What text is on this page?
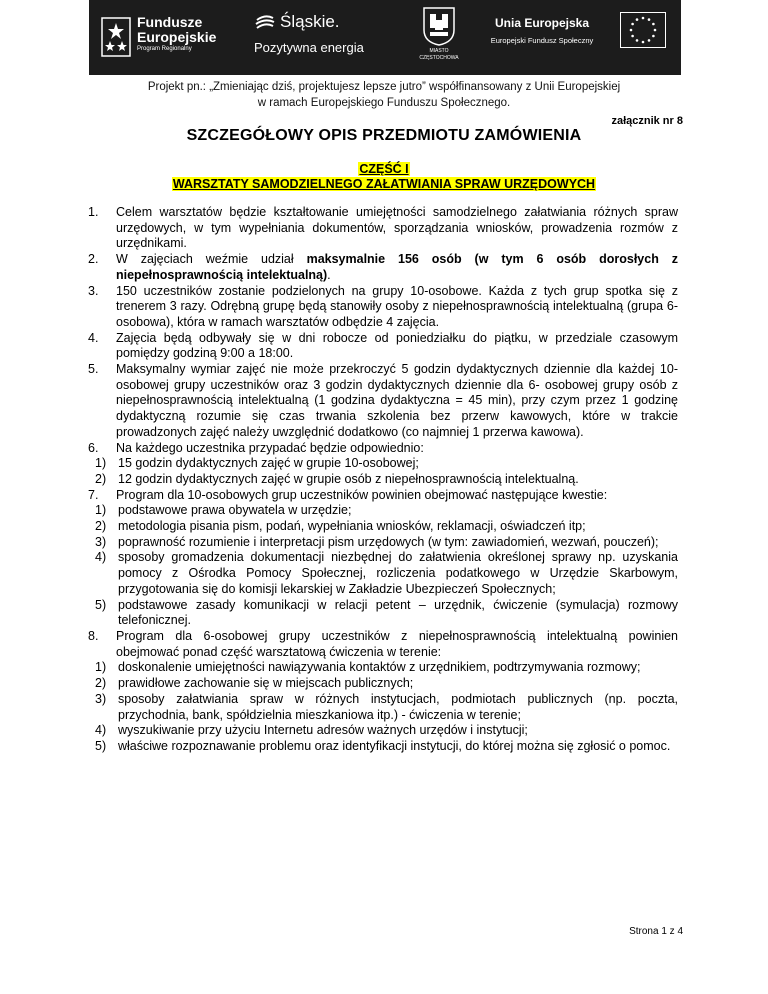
Fundusze
Europejskie
Program Regionalny
Śląskie.
Pozytywna energia	MIASTO
CZĘSTOCHOWA
Unia Europejska
Europejski Fundusz Społeczny
Projekt pn.: „Zmieniając dziś, projektujesz lepsze jutro” współfinansowany z Unii Europejskiej
w ramach Europejskiego Funduszu Społecznego.
załącznik nr 8
SZCZEGÓŁOWY OPIS PRZEDMIOTU ZAMÓWIENIA
CZĘŚĆ I
WARSZTATY SAMODZIELNEGO ZAŁATWIANIA SPRAW URZĘDOWYCH
1. Celem warsztatów będzie kształtowanie umiejętności samodzielnego załatwiania różnych spraw urzędowych, w tym wypełniania dokumentów, sporządzania wniosków, prowadzenia rozmów z urzędnikami.
2. W zajęciach weźmie udział maksymalnie 156 osób (w tym 6 osób dorosłych z niepełnosprawnością intelektualną).
3. 150 uczestników zostanie podzielonych na grupy 10-osobowe. Każda z tych grup spotka się z trenerem 3 razy. Odrębną grupę będą stanowiły osoby z niepełnosprawnością intelektualną (grupa 6-osobowa), która w ramach warsztatów odbędzie 4 zajęcia.
4. Zajęcia będą odbywały się w dni robocze od poniedziałku do piątku, w przedziale czasowym pomiędzy godziną 9:00 a 18:00.
5. Maksymalny wymiar zajęć nie może przekroczyć 5 godzin dydaktycznych dziennie dla każdej 10-osobowej grupy uczestników oraz 3 godzin dydaktycznych dziennie dla 6- osobowej grupy osób z niepełnosprawnością intelektualną (1 godzina dydaktyczna = 45 min), przy czym przez 1 godzinę dydaktyczną rozumie się czas trwania szkolenia bez przerw kawowych, które w trakcie prowadzonych zajęć należy uwzględnić dodatkowo (co najmniej 1 przerwa kawowa).
6. Na każdego uczestnika przypadać będzie odpowiednio:
1) 15 godzin dydaktycznych zajęć w grupie 10-osobowej;
2) 12 godzin dydaktycznych zajęć w grupie osób z niepełnosprawnością intelektualną.
7. Program dla 10-osobowych grup uczestników powinien obejmować następujące kwestie:
1) podstawowe prawa obywatela w urzędzie;
2) metodologia pisania pism, podań, wypełniania wniosków, reklamacji, oświadczeń itp;
3) poprawność rozumienie i interpretacji pism urzędowych (w tym: zawiadomień, wezwań, pouczeń);
4) sposoby gromadzenia dokumentacji niezbędnej do załatwienia określonej sprawy np. uzyskania pomocy z Ośrodka Pomocy Społecznej, rozliczenia podatkowego w Urzędzie Skarbowym, przygotowania się do komisji lekarskiej w Zakładzie Ubezpieczeń Społecznych;
5) podstawowe zasady komunikacji w relacji petent – urzędnik, ćwiczenie (symulacja) rozmowy telefonicznej.
8. Program dla 6-osobowej grupy uczestników z niepełnosprawnością intelektualną powinien obejmować ponad część warsztatową ćwiczenia w terenie:
1) doskonalenie umiejętności nawiązywania kontaktów z urzędnikiem, podtrzymywania rozmowy;
2) prawidłowe zachowanie się w miejscach publicznych;
3) sposoby załatwiania spraw w różnych instytucjach, podmiotach publicznych (np. poczta, przychodnia, bank, spółdzielnia mieszkaniowa itp.) - ćwiczenia w terenie;
4) wyszukiwanie przy użyciu Internetu adresów ważnych urzędów i instytucji;
5) właściwe rozpoznawanie problemu oraz identyfikacji instytucji, do której można się zgłosić o pomoc.
Strona 1 z 4
